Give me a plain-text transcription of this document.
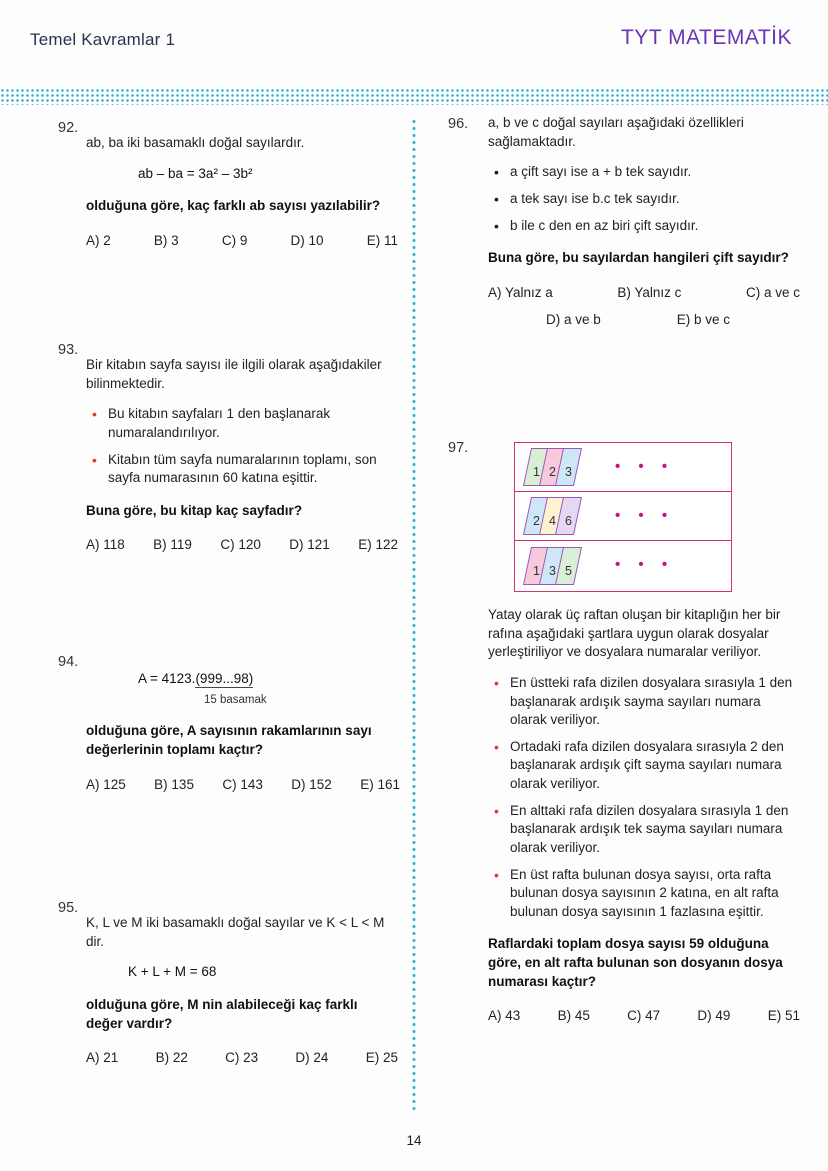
Temel Kavramlar 1	TYT MATEMATİK
92.

ab, ba iki basamaklı doğal sayılardır.

ab – ba = 3a² – 3b²

olduğuna göre, kaç farklı ab sayısı yazılabilir?

A) 2	B) 3	C) 9	D) 10	E) 11
93.

Bir kitabın sayfa sayısı ile ilgili olarak aşağıdakiler bilinmektedir.

• Bu kitabın sayfaları 1 den başlanarak numaralandırılıyor.
• Kitabın tüm sayfa numaralarının toplamı, son sayfa numarasının 60 katına eşittir.

Buna göre, bu kitap kaç sayfadır?

A) 118 B) 119 C) 120 D) 121 E) 122
94.

A = 4123.(999...98)

15 basamak

olduğuna göre, A sayısının rakamlarının sayı değerlerinin toplamı kaçtır?

A) 125 B) 135 C) 143 D) 152 E) 161
95.

K, L ve M iki basamaklı doğal sayılar ve K < L < M dir.

K + L + M = 68

olduğuna göre, M nin alabileceği kaç farklı değer vardır?

A) 21	B) 22	C) 23	D) 24	E) 25
96. a, b ve c doğal sayıları aşağıdaki özellikleri sağlamaktadır.

• a çift sayı ise a + b tek sayıdır.
• a tek sayı ise b.c tek sayıdır.
• b ile c den en az biri çift sayıdır.

Buna göre, bu sayılardan hangileri çift sayıdır?

A) Yalnız a	B) Yalnız c	C) a ve c
D) a ve b	E) b ve c
97.
1 2 3	• • •
2 4 6	• • •
1 3 5	• • •

Yatay olarak üç raftan oluşan bir kitaplığın her bir rafına aşağıdaki şartlara uygun olarak dosyalar yerleştiriliyor ve dosyalara numaralar veriliyor.

• En üstteki rafa dizilen dosyalara sırasıyla 1 den başlanarak ardışık sayma sayıları numara olarak veriliyor.
• Ortadaki rafa dizilen dosyalara sırasıyla 2 den başlanarak ardışık çift sayma sayıları numara olarak veriliyor.
• En alttaki rafa dizilen dosyalara sırasıyla 1 den başlanarak ardışık tek sayma sayıları numara olarak veriliyor.
• En üst rafta bulunan dosya sayısı, orta rafta bulunan dosya sayısının 2 katına, en alt rafta bulunan dosya sayısının 1 fazlasına eşittir.

Raflardaki toplam dosya sayısı 59 olduğuna göre, en alt rafta bulunan son dosyanın dosya numarası kaçtır?

A) 43	B) 45	C) 47	D) 49	E) 51
14
